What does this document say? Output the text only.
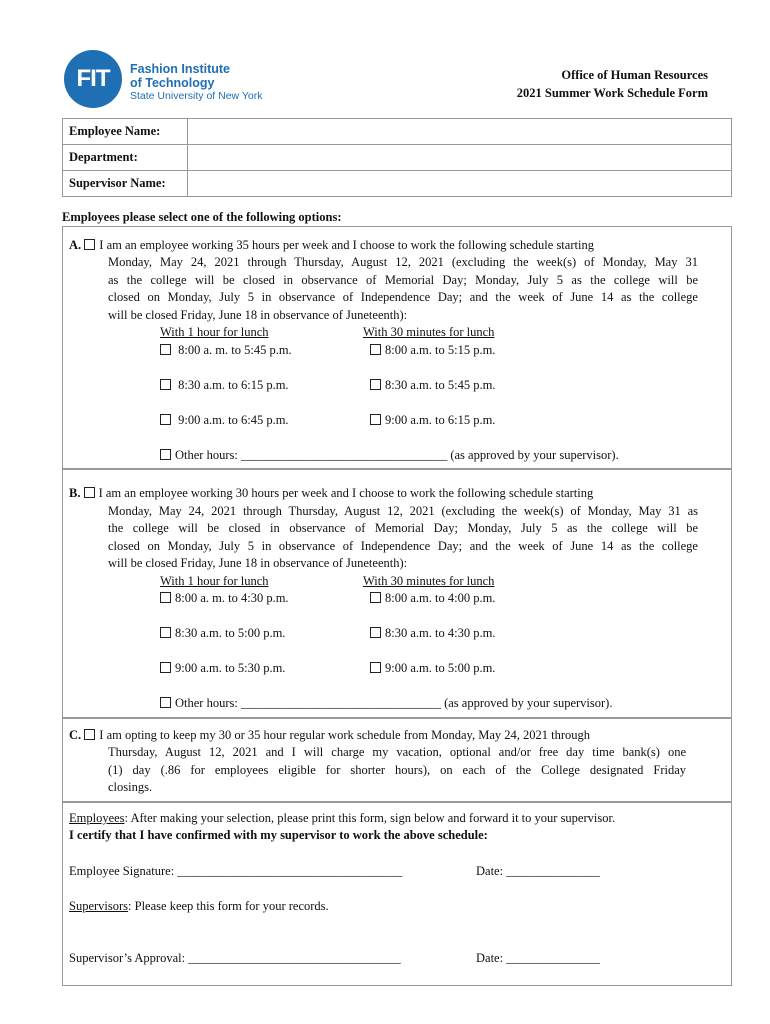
FIT	Fashion Institute
of Technology
State University of New York
Office of Human Resources
2021 Summer Work Schedule Form
Employee Name:	
Department:	
Supervisor Name:	
Employees please select one of the following options:
A. I am an employee working 35 hours per week and I choose to work the following schedule starting
Monday, May 24, 2021 through Thursday, August 12, 2021 (excluding the week(s) of Monday, May 31
as the college will be closed in observance of Memorial Day; Monday, July 5 as the college will be
closed on Monday, July 5 in observance of Independence Day; and the week of June 14 as the college
will be closed Friday, June 18 in observance of Juneteenth):
With 1 hour for lunch	With 30 minutes for lunch
8:00 a. m. to 5:45 p.m.	8:00 a.m. to 5:15 p.m.
8:30 a.m. to 6:15 p.m.	8:30 a.m. to 5:45 p.m.
9:00 a.m. to 6:45 p.m.	9:00 a.m. to 6:15 p.m.
Other hours: _________________________________ (as approved by your supervisor).
B. I am an employee working 30 hours per week and I choose to work the following schedule starting
Monday, May 24, 2021 through Thursday, August 12, 2021 (excluding the week(s) of Monday, May 31 as
the college will be closed in observance of Memorial Day; Monday, July 5 as the college will be
closed on Monday, July 5 in observance of Independence Day; and the week of June 14 as the college
will be closed Friday, June 18 in observance of Juneteenth):
With 1 hour for lunch	With 30 minutes for lunch
8:00 a. m. to 4:30 p.m.	8:00 a.m. to 4:00 p.m.
8:30 a.m. to 5:00 p.m.	8:30 a.m. to 4:30 p.m.
9:00 a.m. to 5:30 p.m.	9:00 a.m. to 5:00 p.m.
Other hours: ________________________________ (as approved by your supervisor).
C. I am opting to keep my 30 or 35 hour regular work schedule from Monday, May 24, 2021 through
Thursday, August 12, 2021 and I will charge my vacation, optional and/or free day time bank(s) one
(1) day (.86 for employees eligible for shorter hours), on each of the College designated Friday
closings.
Employees: After making your selection, please print this form, sign below and forward it to your supervisor.
I certify that I have confirmed with my supervisor to work the above schedule:
Employee Signature: ____________________________________	Date: _______________
Supervisors: Please keep this form for your records.
Supervisor’s Approval: __________________________________	Date: _______________
